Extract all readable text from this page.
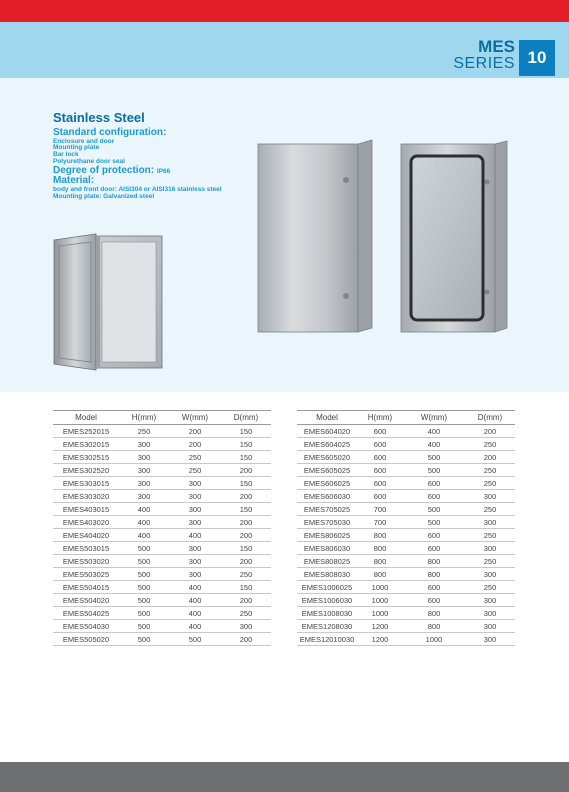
MES
SERIES 10
Stainless Steel
Standard configuration:
Enclosure and door
Mounting plate
Bar lock
Polyurethane door seal
Degree of protection: IP66
Material:
body and front door: AISI304 or AISI316 stainless steel
Mounting plate: Galvanized steel
Model	H(mm)	W(mm)	D(mm)
EMES252015	250	200	150
EMES302015	300	200	150
EMES302515	300	250	150
EMES302520	300	250	200
EMES303015	300	300	150
EMES303020	300	300	200
EMES403015	400	300	150
EMES403020	400	300	200
EMES404020	400	400	200
EMES503015	500	300	150
EMES503020	500	300	200
EMES503025	500	300	250
EMES504015	500	400	150
EMES504020	500	400	200
EMES504025	500	400	250
EMES504030	500	400	300
EMES505020	500	500	200
Model	H(mm)	W(mm)	D(mm)
EMES604020	600	400	200
EMES604025	600	400	250
EMES605020	600	500	200
EMES605025	600	500	250
EMES606025	600	600	250
EMES606030	600	600	300
EMES705025	700	500	250
EMES705030	700	500	300
EMES806025	800	600	250
EMES806030	800	600	300
EMES808025	800	800	250
EMES808030	800	800	300
EMES1006025	1000	600	250
EMES1006030	1000	600	300
EMES1008030	1000	800	300
EMES1208030	1200	800	300
EMES12010030	1200	1000	300
